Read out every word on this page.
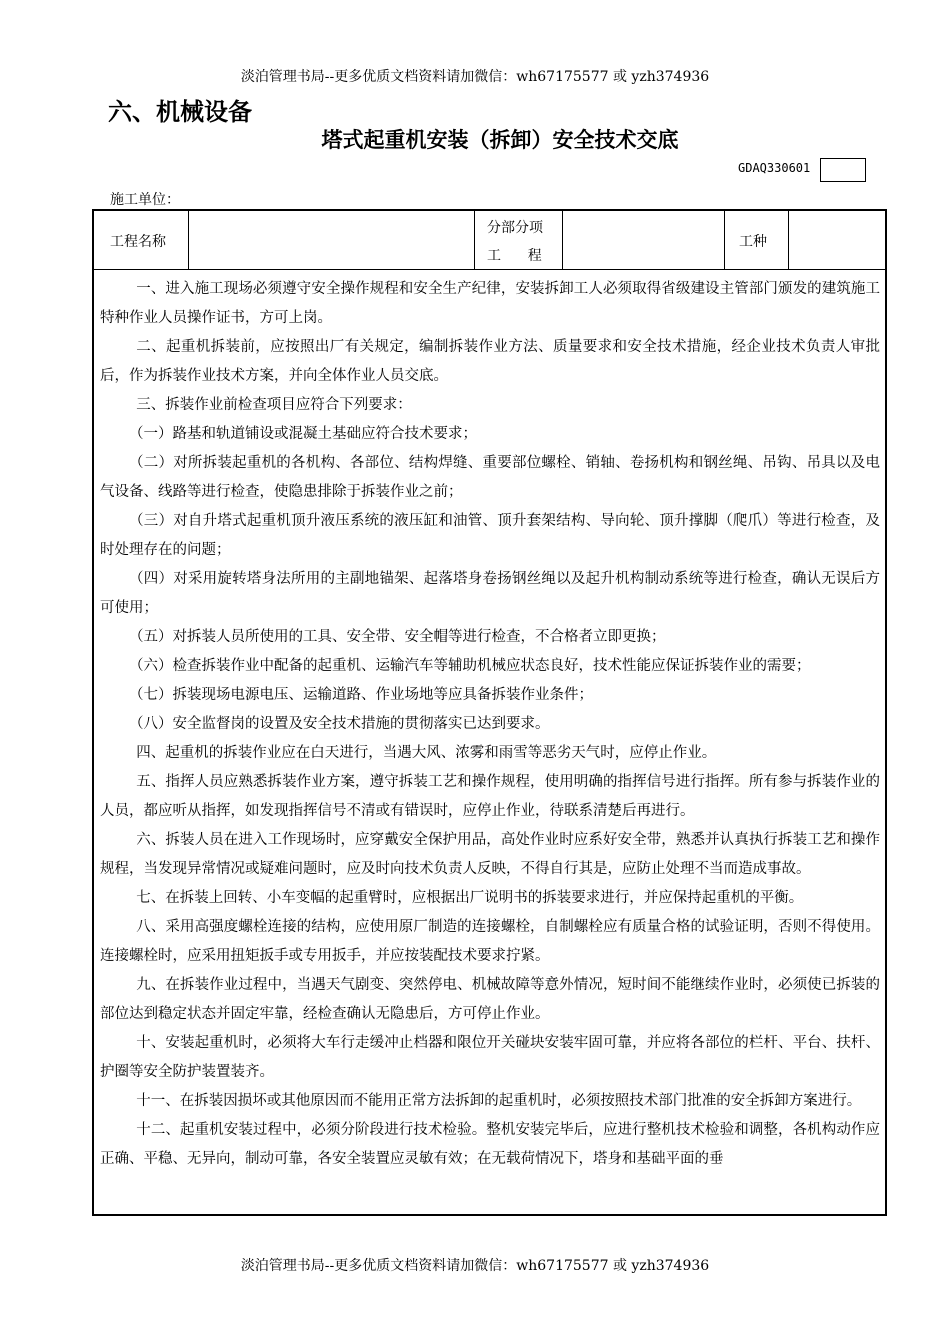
淡泊管理书局--更多优质文档资料请加微信：wh67175577 或 yzh374936
六、机械设备
塔式起重机安装（拆卸）安全技术交底
GDAQ330601
施工单位：
工程名称
分部分项
工      程
工种

一、进入施工现场必须遵守安全操作规程和安全生产纪律，安装拆卸工人必须取得省级建设主管部门颁发的建筑施工特种作业人员操作证书，方可上岗。

二、起重机拆装前，应按照出厂有关规定，编制拆装作业方法、质量要求和安全技术措施，经企业技术负责人审批后，作为拆装作业技术方案，并向全体作业人员交底。

三、拆装作业前检查项目应符合下列要求：

（一）路基和轨道铺设或混凝土基础应符合技术要求；

（二）对所拆装起重机的各机构、各部位、结构焊缝、重要部位螺栓、销轴、卷扬机构和钢丝绳、吊钩、吊具以及电气设备、线路等进行检查，使隐患排除于拆装作业之前；

（三）对自升塔式起重机顶升液压系统的液压缸和油管、顶升套架结构、导向轮、顶升撑脚（爬爪）等进行检查，及时处理存在的问题；

（四）对采用旋转塔身法所用的主副地锚架、起落塔身卷扬钢丝绳以及起升机构制动系统等进行检查，确认无误后方可使用；

（五）对拆装人员所使用的工具、安全带、安全帽等进行检查，不合格者立即更换；

（六）检查拆装作业中配备的起重机、运输汽车等辅助机械应状态良好，技术性能应保证拆装作业的需要；

（七）拆装现场电源电压、运输道路、作业场地等应具备拆装作业条件；

（八）安全监督岗的设置及安全技术措施的贯彻落实已达到要求。

四、起重机的拆装作业应在白天进行，当遇大风、浓雾和雨雪等恶劣天气时，应停止作业。

五、指挥人员应熟悉拆装作业方案，遵守拆装工艺和操作规程，使用明确的指挥信号进行指挥。所有参与拆装作业的人员，都应听从指挥，如发现指挥信号不清或有错误时，应停止作业，待联系清楚后再进行。

六、拆装人员在进入工作现场时，应穿戴安全保护用品，高处作业时应系好安全带，熟悉并认真执行拆装工艺和操作规程，当发现异常情况或疑难问题时，应及时向技术负责人反映，不得自行其是，应防止处理不当而造成事故。

七、在拆装上回转、小车变幅的起重臂时，应根据出厂说明书的拆装要求进行，并应保持起重机的平衡。

八、采用高强度螺栓连接的结构，应使用原厂制造的连接螺栓，自制螺栓应有质量合格的试验证明，否则不得使用。连接螺栓时，应采用扭矩扳手或专用扳手，并应按装配技术要求拧紧。

九、在拆装作业过程中，当遇天气剧变、突然停电、机械故障等意外情况，短时间不能继续作业时，必须使已拆装的部位达到稳定状态并固定牢靠，经检查确认无隐患后，方可停止作业。

十、安装起重机时，必须将大车行走缓冲止档器和限位开关碰块安装牢固可靠，并应将各部位的栏杆、平台、扶杆、护圈等安全防护装置装齐。

十一、在拆装因损坏或其他原因而不能用正常方法拆卸的起重机时，必须按照技术部门批准的安全拆卸方案进行。

十二、起重机安装过程中，必须分阶段进行技术检验。整机安装完毕后，应进行整机技术检验和调整，各机构动作应正确、平稳、无异向，制动可靠，各安全装置应灵敏有效；在无载荷情况下，塔身和基础平面的垂

淡泊管理书局--更多优质文档资料请加微信：wh67175577 或 yzh374936
